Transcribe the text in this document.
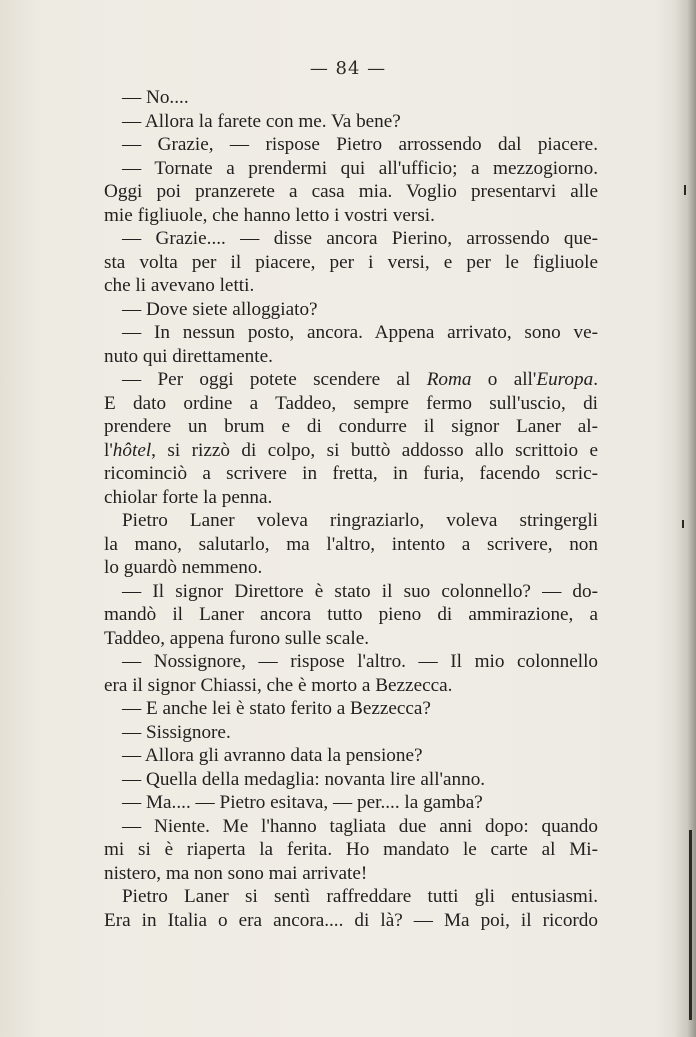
— 84 —
— No....
— Allora la farete con me. Va bene?
— Grazie, — rispose Pietro arrossendo dal piacere.
— Tornate a prendermi qui all'ufficio; a mezzogiorno.
Oggi poi pranzerete a casa mia. Voglio presentarvi alle
mie figliuole, che hanno letto i vostri versi.
— Grazie.... — disse ancora Pierino, arrossendo que-
sta volta per il piacere, per i versi, e per le figliuole
che li avevano letti.
— Dove siete alloggiato?
— In nessun posto, ancora. Appena arrivato, sono ve-
nuto qui direttamente.
— Per oggi potete scendere al Roma o all'Europa.
E dato ordine a Taddeo, sempre fermo sull'uscio, di
prendere un brum e di condurre il signor Laner al-
l'hôtel, si rizzò di colpo, si buttò addosso allo scrittoio e
ricominciò a scrivere in fretta, in furia, facendo scric-
chiolar forte la penna.
Pietro Laner voleva ringraziarlo, voleva stringergli
la mano, salutarlo, ma l'altro, intento a scrivere, non
lo guardò nemmeno.
— Il signor Direttore è stato il suo colonnello? — do-
mandò il Laner ancora tutto pieno di ammirazione, a
Taddeo, appena furono sulle scale.
— Nossignore, — rispose l'altro. — Il mio colonnello
era il signor Chiassi, che è morto a Bezzecca.
— E anche lei è stato ferito a Bezzecca?
— Sissignore.
— Allora gli avranno data la pensione?
— Quella della medaglia: novanta lire all'anno.
— Ma.... — Pietro esitava, — per.... la gamba?
— Niente. Me l'hanno tagliata due anni dopo: quando
mi si è riaperta la ferita. Ho mandato le carte al Mi-
nistero, ma non sono mai arrivate!
Pietro Laner si sentì raffreddare tutti gli entusiasmi.
Era in Italia o era ancora.... di là? — Ma poi, il ricordo
